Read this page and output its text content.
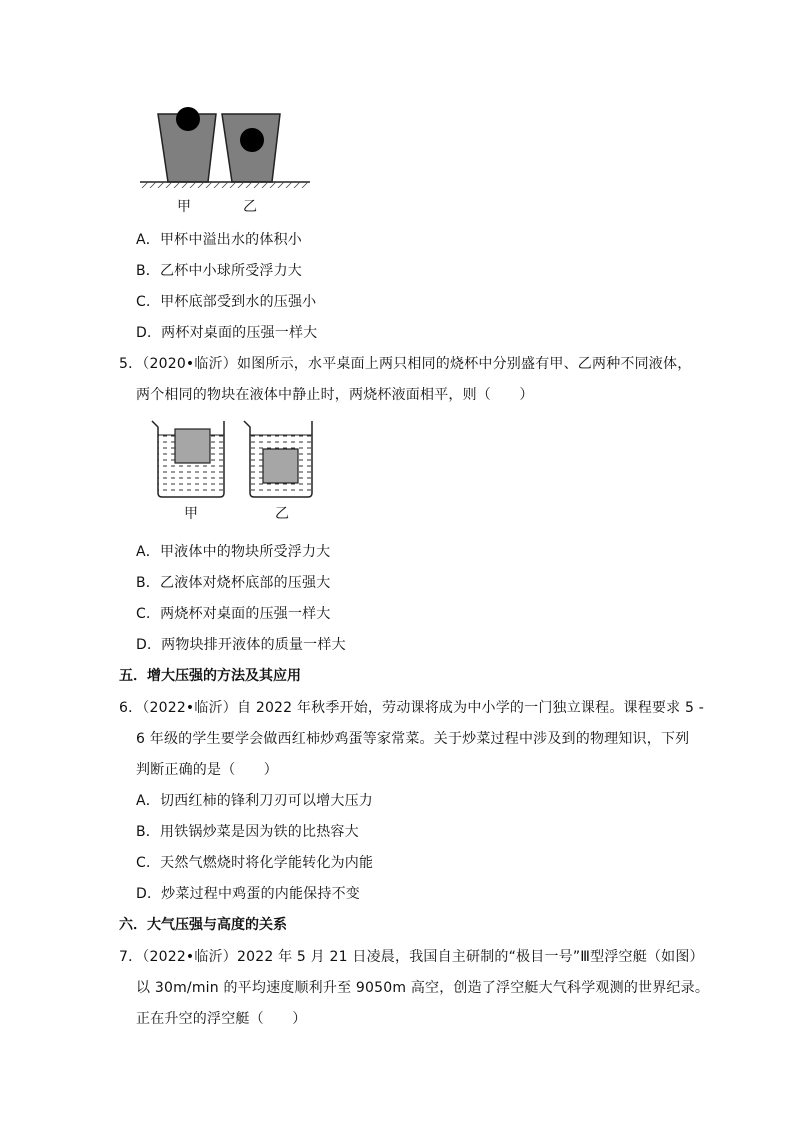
甲	乙
A．甲杯中溢出水的体积小
B．乙杯中小球所受浮力大
C．甲杯底部受到水的压强小
D．两杯对桌面的压强一样大
5．（2020•临沂）如图所示，水平桌面上两只相同的烧杯中分别盛有甲、乙两种不同液体，
两个相同的物块在液体中静止时，两烧杯液面相平，则（　　）
甲	乙
A．甲液体中的物块所受浮力大
B．乙液体对烧杯底部的压强大
C．两烧杯对桌面的压强一样大
D．两物块排开液体的质量一样大
五．增大压强的方法及其应用
6．（2022•临沂）自 2022 年秋季开始，劳动课将成为中小学的一门独立课程。课程要求 5 -
6 年级的学生要学会做西红柿炒鸡蛋等家常菜。关于炒菜过程中涉及到的物理知识，下列
判断正确的是（　　）
A．切西红柿的锋利刀刃可以增大压力
B．用铁锅炒菜是因为铁的比热容大
C．天然气燃烧时将化学能转化为内能
D．炒菜过程中鸡蛋的内能保持不变
六．大气压强与高度的关系
7．（2022•临沂）2022 年 5 月 21 日凌晨，我国自主研制的“极目一号”Ⅲ型浮空艇（如图）
以 30m/min 的平均速度顺利升至 9050m 高空，创造了浮空艇大气科学观测的世界纪录。
正在升空的浮空艇（　　）
